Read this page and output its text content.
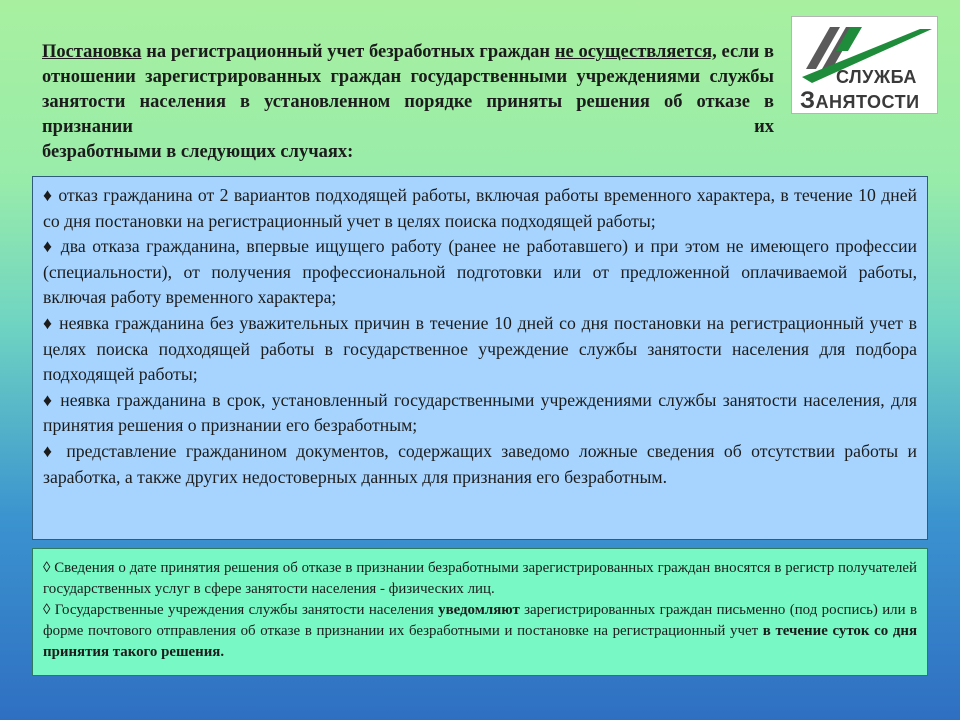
Постановка на регистрационный учет безработных граждан не осуществляется, если в отношении зарегистрированных граждан государственными учреждениями службы занятости населения в установленном порядке приняты решения об отказе в признании их
безработными в следующих случаях:
СЛУЖБА
ЗАНЯТОСТИ

♦ отказ гражданина от 2 вариантов подходящей работы, включая работы временного характера, в течение 10 дней со дня постановки на регистрационный учет в целях поиска подходящей работы;

♦ два отказа гражданина, впервые ищущего работу (ранее не работавшего) и при этом не имеющего профессии (специальности), от получения профессиональной подготовки или от предложенной оплачиваемой работы, включая работу временного характера;

♦ неявка гражданина без уважительных причин в течение 10 дней со дня постановки на регистрационный учет в целях поиска подходящей работы в государственное учреждение службы занятости населения для подбора подходящей работы;

♦ неявка гражданина в срок, установленный государственными учреждениями службы занятости населения, для принятия решения о признании его безработным;

♦ представление гражданином документов, содержащих заведомо ложные сведения об отсутствии работы и заработка, а также других недостоверных данных для признания его безработным.

◊ Сведения о дате принятия решения об отказе в признании безработными зарегистрированных граждан вносятся в регистр получателей государственных услуг в сфере занятости населения - физических лиц.

◊ Государственные учреждения службы занятости населения уведомляют зарегистрированных граждан письменно (под роспись) или в форме почтового отправления об отказе в признании их безработными и постановке на регистрационный учет в течение суток со дня принятия такого решения.
